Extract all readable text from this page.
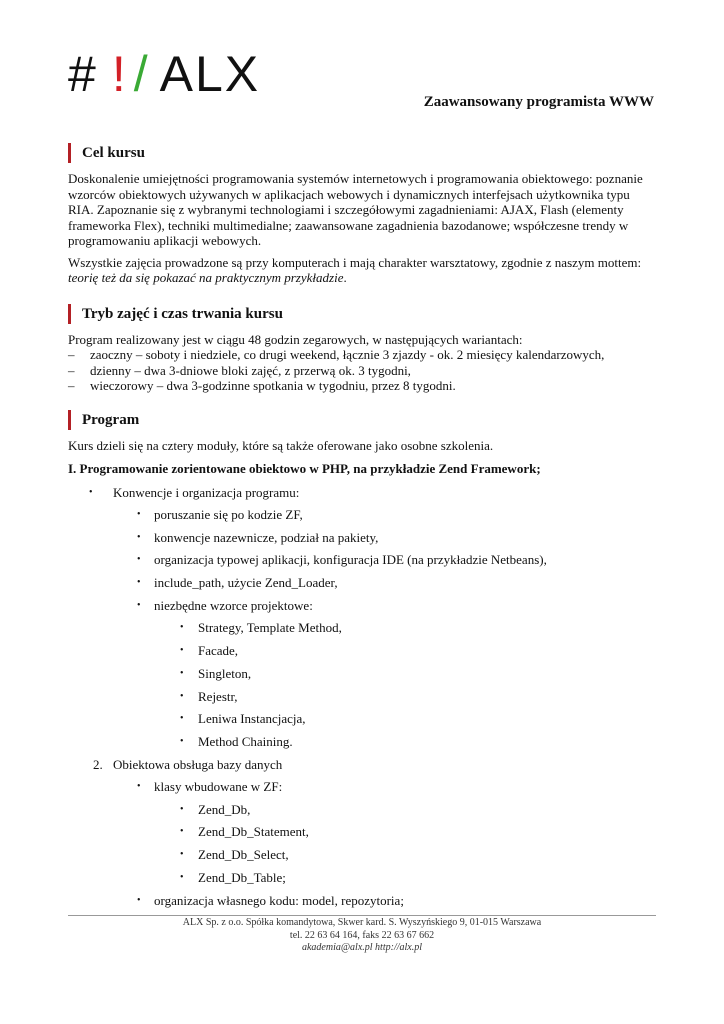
# ! / ALX	Zaawansowany programista WWW
Cel kursu

Doskonalenie umiejętności programowania systemów internetowych i programowania obiektowego: poznanie wzorców obiektowych używanych w aplikacjach webowych i dynamicznych interfejsach użytkownika typu RIA. Zapoznanie się z wybranymi technologiami i szczegółowymi zagadnieniami: AJAX, Flash (elementy frameworka Flex), techniki multimedialne; zaawansowane zagadnienia bazodanowe; współczesne trendy w programowaniu aplikacji webowych.

Wszystkie zajęcia prowadzone są przy komputerach i mają charakter warsztatowy, zgodnie z naszym mottem: teorię też da się pokazać na praktycznym przykładzie.

Tryb zajęć i czas trwania kursu
Program realizowany jest w ciągu 48 godzin zegarowych, w następujących wariantach:
– zaoczny – soboty i niedziele, co drugi weekend, łącznie 3 zjazdy - ok. 2 miesięcy kalendarzowych,
– dzienny – dwa 3-dniowe bloki zajęć, z przerwą ok. 3 tygodni,
– wieczorowy – dwa 3-godzinne spotkania w tygodniu, przez 8 tygodni.
Program
Kurs dzieli się na cztery moduły, które są także oferowane jako osobne szkolenia.
I. Programowanie zorientowane obiektowo w PHP, na przykładzie Zend Framework;
• Konwencje i organizacja programu:
• poruszanie się po kodzie ZF,
• konwencje nazewnicze, podział na pakiety,
• organizacja typowej aplikacji, konfiguracja IDE (na przykładzie Netbeans),
• include_path, użycie Zend_Loader,
• niezbędne wzorce projektowe:
• Strategy, Template Method,
• Facade,
• Singleton,
• Rejestr,
• Leniwa Instancjacja,
• Method Chaining.
2. Obiektowa obsługa bazy danych
• klasy wbudowane w ZF:
• Zend_Db,
• Zend_Db_Statement,
• Zend_Db_Select,
• Zend_Db_Table;
• organizacja własnego kodu: model, repozytoria;
ALX Sp. z o.o. Spółka komandytowa, Skwer kard. S. Wyszyńskiego 9, 01-015 Warszawa
tel. 22 63 64 164, faks 22 63 67 662
akademia@alx.pl http://alx.pl
